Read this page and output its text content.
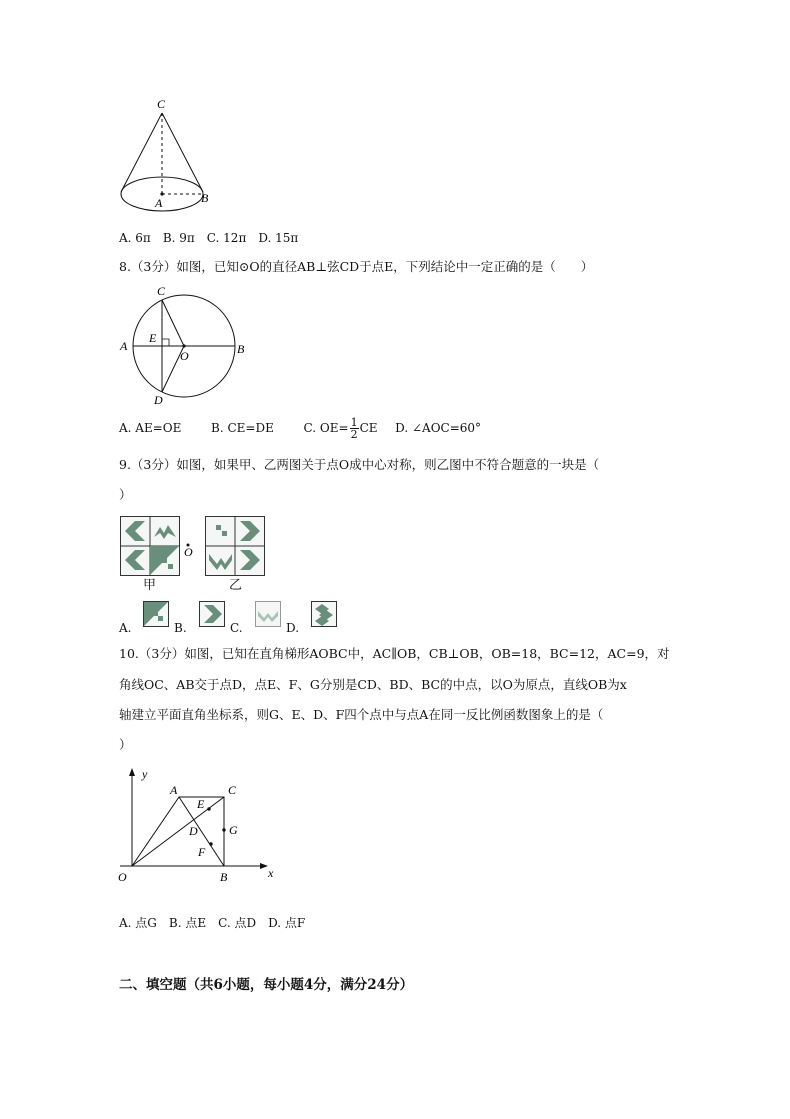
C
A	B
A. 6π　B. 9π　C. 12π　D. 15π
8.（3分）如图，已知⊙O的直径AB⊥弦CD于点E，下列结论中一定正确的是（　　）
C
A
E
O	B
D
A. AE=OE B. CE=DE C. $OE= \frac{1}{2}$ CE D. ∠AOC=60°
9.（3分）如图，如果甲、乙两图关于点O成中心对称，则乙图中不符合题意的一块是（
）
O
甲	乙
A.	B.	C.	D.
10.（3分）如图，已知在直角梯形AOBC中，AC∥OB，CB⊥OB，OB=18，BC=12，AC=9，对
角线OC、AB交于点D，点E、F、G分别是CD、BD、BC的中点，以O为原点，直线OB为x
轴建立平面直角坐标系，则G、E、D、F四个点中与点A在同一反比例函数图象上的是（
）
y
x
O	B
A	C
E
D
F
G
A. 点G　B. 点E　C. 点D　D. 点F
二、填空题（共6小题，每小题4分，满分24分）
